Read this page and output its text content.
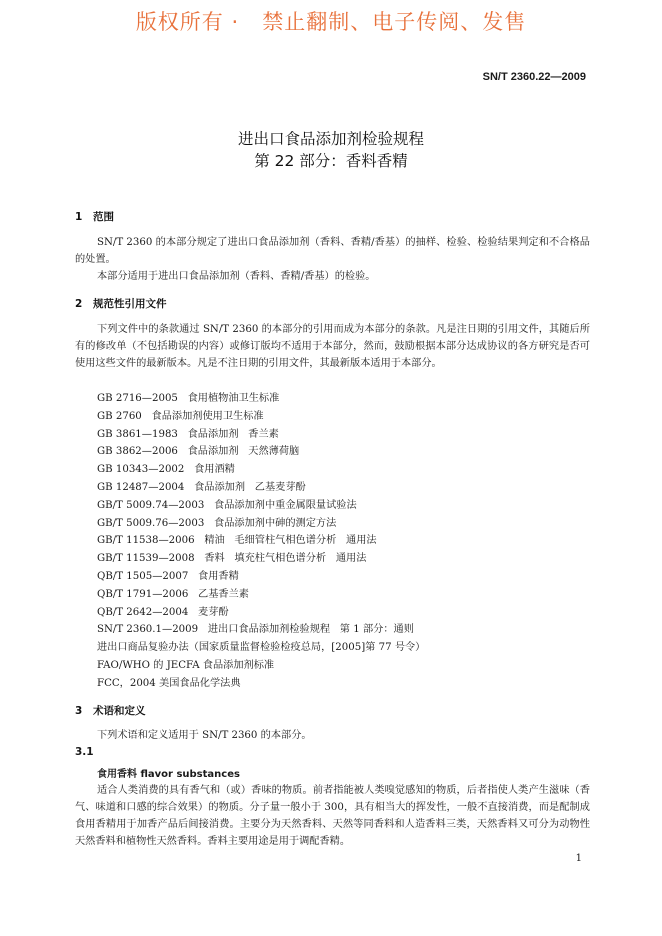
版权所有 ·   禁止翻制、电子传阅、发售
SN/T 2360.22—2009
进出口食品添加剂检验规程
第 22 部分：香料香精
1 范围
SN/T 2360 的本部分规定了进出口食品添加剂（香料、香精/香基）的抽样、检验、检验结果判定和不合格品的处置。
本部分适用于进出口食品添加剂（香料、香精/香基）的检验。
2 规范性引用文件
下列文件中的条款通过 SN/T 2360 的本部分的引用而成为本部分的条款。凡是注日期的引用文件，其随后所有的修改单（不包括勘误的内容）或修订版均不适用于本部分，然而，鼓励根据本部分达成协议的各方研究是否可使用这些文件的最新版本。凡是不注日期的引用文件，其最新版本适用于本部分。
GB 2716—2005   食用植物油卫生标准
GB 2760   食品添加剂使用卫生标准
GB 3861—1983   食品添加剂   香兰素
GB 3862—2006   食品添加剂   天然薄荷脑
GB 10343—2002   食用酒精
GB 12487—2004   食品添加剂   乙基麦芽酚
GB/T 5009.74—2003   食品添加剂中重金属限量试验法
GB/T 5009.76—2003   食品添加剂中砷的测定方法
GB/T 11538—2006   精油   毛细管柱气相色谱分析   通用法
GB/T 11539—2008   香料   填充柱气相色谱分析   通用法
QB/T 1505—2007   食用香精
QB/T 1791—2006   乙基香兰素
QB/T 2642—2004   麦芽酚
SN/T 2360.1—2009   进出口食品添加剂检验规程   第 1 部分：通则
进出口商品复验办法（国家质量监督检验检疫总局，[2005]第 77 号令）
FAO/WHO 的 JECFA 食品添加剂标准
FCC，2004 美国食品化学法典
3 术语和定义
下列术语和定义适用于 SN/T 2360 的本部分。
3.1
食用香料 flavor substances
适合人类消费的具有香气和（或）香味的物质。前者指能被人类嗅觉感知的物质，后者指使人类产生滋味（香气、味道和口感的综合效果）的物质。分子量一般小于 300，具有相当大的挥发性，一般不直接消费，而是配制成食用香精用于加香产品后间接消费。主要分为天然香料、天然等同香料和人造香料三类，天然香料又可分为动物性天然香料和植物性天然香料。香料主要用途是用于调配香精。
1
